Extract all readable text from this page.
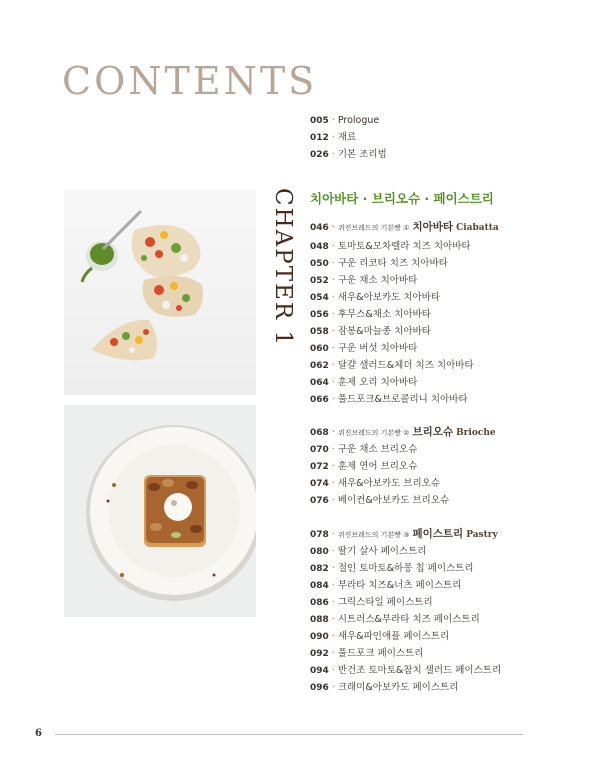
CONTENTS
005 · Prologue
012 · 재료
026 · 기본 조리법
CHAPTER 1 치아바타 · 브리오슈 · 페이스트리
046 · 퀴진브레드의 기본빵 ① 치아바타 Ciabatta
048 · 토마토&모차렐라 치즈 치아바타
050 · 구운 리코타 치즈 치아바타
052 · 구운 채소 치아바타
054 · 새우&아보카도 치아바타
056 · 후무스&채소 치아바타
058 · 잠봉&마늘종 치아바타
060 · 구운 버섯 치아바타
062 · 달걀 샐러드&체더 치즈 치아바타
064 · 훈제 오리 치아바타
066 · 풀드포크&브로콜리니 치아바타
068 · 퀴진브레드의 기본빵 ② 브리오슈 Brioche
070 · 구운 채소 브리오슈
072 · 훈제 연어 브리오슈
074 · 새우&아보카도 브리오슈
076 · 베이컨&아보카도 브리오슈
078 · 퀴진브레드의 기본빵 ③ 페이스트리 Pastry
080 · 딸기 살사 페이스트리
082 · 절인 토마토&하몽 칩 페이스트리
084 · 부라타 치즈&너츠 페이스트리
086 · 그릭스타일 페이스트리
088 · 시트러스&부라타 치즈 페이스트리
090 · 새우&파인애플 페이스트리
092 · 풀드포크 페이스트리
094 · 반건조 토마토&참치 샐러드 페이스트리
096 · 크래미&아보카도 페이스트리
6
